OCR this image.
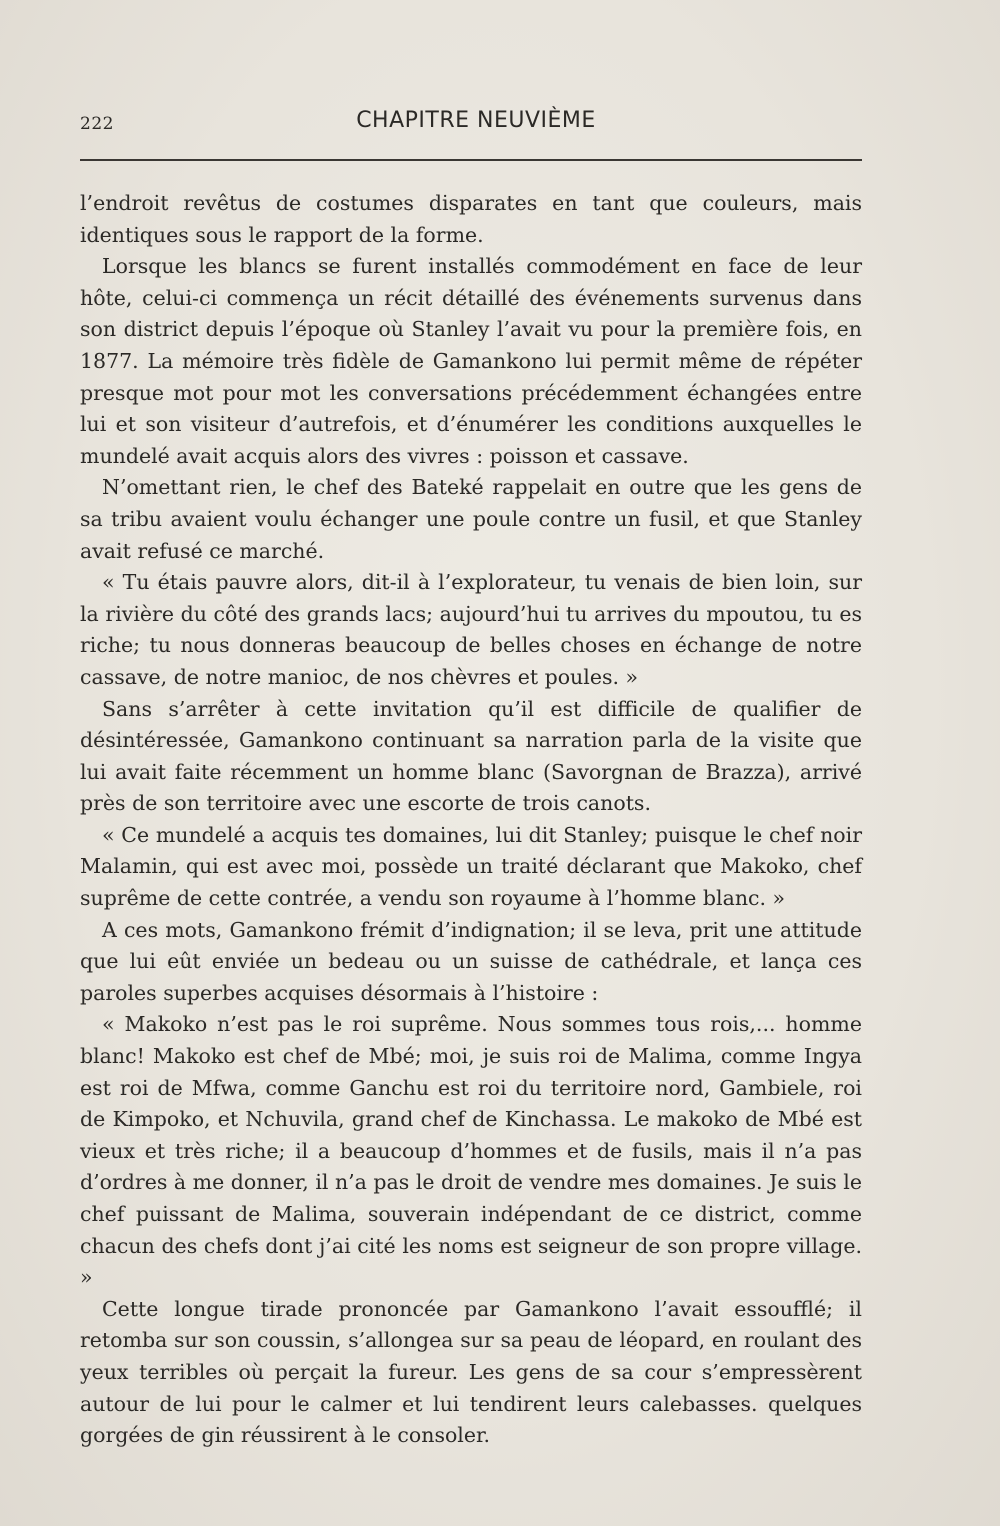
222	CHAPITRE NEUVIÈME

l’endroit revêtus de costumes disparates en tant que couleurs, mais identiques sous le rapport de la forme.

Lorsque les blancs se furent installés commodément en face de leur hôte, celui-ci commença un récit détaillé des événements survenus dans son district depuis l’époque où Stanley l’avait vu pour la première fois, en 1877. La mémoire très fidèle de Gamankono lui permit même de répéter presque mot pour mot les conversations précédemment échangées entre lui et son visiteur d’autrefois, et d’énumérer les conditions auxquelles le mundelé avait acquis alors des vivres : poisson et cassave.

N’omettant rien, le chef des Bateké rappelait en outre que les gens de sa tribu avaient voulu échanger une poule contre un fusil, et que Stanley avait refusé ce marché.

« Tu étais pauvre alors, dit-il à l’explorateur, tu venais de bien loin, sur la rivière du côté des grands lacs; aujourd’hui tu arrives du mpoutou, tu es riche; tu nous donneras beaucoup de belles choses en échange de notre cassave, de notre manioc, de nos chèvres et poules. »

Sans s’arrêter à cette invitation qu’il est difficile de qualifier de désintéressée, Gamankono continuant sa narration parla de la visite que lui avait faite récemment un homme blanc (Savorgnan de Brazza), arrivé près de son territoire avec une escorte de trois canots.

« Ce mundelé a acquis tes domaines, lui dit Stanley; puisque le chef noir Malamin, qui est avec moi, possède un traité déclarant que Makoko, chef suprême de cette contrée, a vendu son royaume à l’homme blanc. »

A ces mots, Gamankono frémit d’indignation; il se leva, prit une attitude que lui eût enviée un bedeau ou un suisse de cathédrale, et lança ces paroles superbes acquises désormais à l’histoire :

« Makoko n’est pas le roi suprême. Nous sommes tous rois,... homme blanc! Makoko est chef de Mbé; moi, je suis roi de Malima, comme Ingya est roi de Mfwa, comme Ganchu est roi du territoire nord, Gambiele, roi de Kimpoko, et Nchuvila, grand chef de Kinchassa. Le makoko de Mbé est vieux et très riche; il a beaucoup d’hommes et de fusils, mais il n’a pas d’ordres à me donner, il n’a pas le droit de vendre mes domaines. Je suis le chef puissant de Malima, souverain indépendant de ce district, comme chacun des chefs dont j’ai cité les noms est seigneur de son propre village. »

Cette longue tirade prononcée par Gamankono l’avait essoufflé; il retomba sur son coussin, s’allongea sur sa peau de léopard, en roulant des yeux terribles où perçait la fureur. Les gens de sa cour s’empressèrent autour de lui pour le calmer et lui tendirent leurs calebasses. quelques gorgées de gin réussirent à le consoler.
